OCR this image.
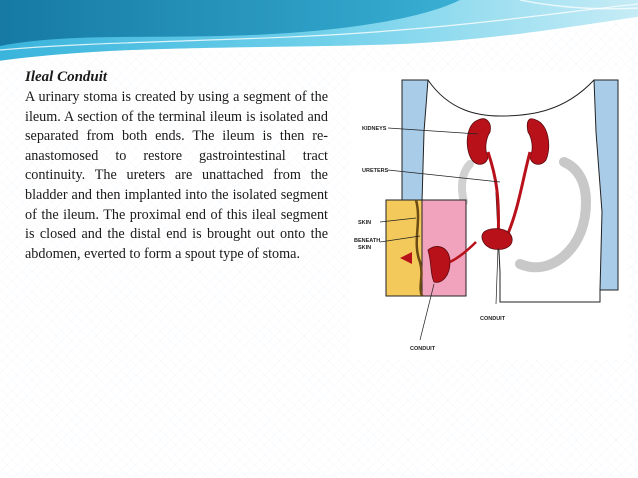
Ileal Conduit

A urinary stoma is created by using a segment of the ileum. A section of the terminal ileum is isolated and separated from both ends. The ileum is then re-anastomosed to restore gastrointestinal tract continuity. The ureters are unattached from the bladder and then implanted into the isolated segment of the ileum. The proximal end of this ileal segment is closed and the distal end is brought out onto the abdomen, everted to form a spout type of stoma.

KIDNEYS
URETERS
SKIN
BENEATH
SKIN
CONDUIT
CONDUIT
